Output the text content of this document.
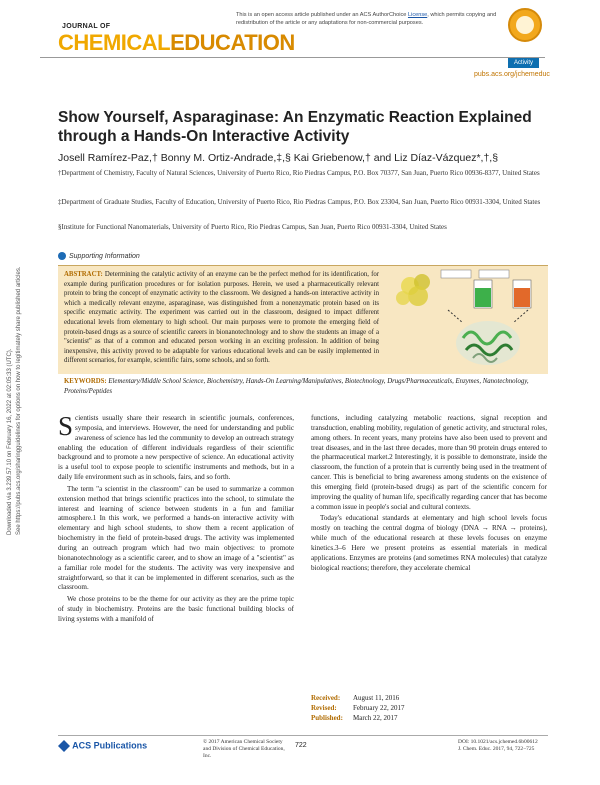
This is an open access article published under an ACS AuthorChoice License, which permits copying and redistribution of the article or any adaptations for non-commercial purposes.
JOURNAL OF
CHEMICALEDUCATION
Activity
pubs.acs.org/jchemeduc
Show Yourself, Asparaginase: An Enzymatic Reaction Explained through a Hands-On Interactive Activity
Josell Ramírez-Paz,† Bonny M. Ortiz-Andrade,‡,§ Kai Griebenow,† and Liz Díaz-Vázquez*,†,§
†Department of Chemistry, Faculty of Natural Sciences, University of Puerto Rico, Rio Piedras Campus, P.O. Box 70377, San Juan, Puerto Rico 00936-8377, United States
‡Department of Graduate Studies, Faculty of Education, University of Puerto Rico, Rio Piedras Campus, P.O. Box 23304, San Juan, Puerto Rico 00931-3304, United States
§Institute for Functional Nanomaterials, University of Puerto Rico, Rio Piedras Campus, San Juan, Puerto Rico 00931-3304, United States
Supporting Information
ABSTRACT: Determining the catalytic activity of an enzyme can be the perfect method for its identification, for example during purification procedures or for isolation purposes. Herein, we used a pharmaceutically relevant protein to bring the concept of enzymatic activity to the classroom. We designed a hands-on interactive activity in which a medically relevant enzyme, asparaginase, was distinguished from a nonenzymatic protein based on its specific enzymatic activity. The experiment was carried out in the classroom, designed to impact different educational levels from elementary to high school. Our main purposes were to promote the emerging field of protein-based drugs as a source of scientific careers in bionanotechnology and to show the students an image of a "scientist" as that of a common and educated person working in an exciting profession. In addition of being inexpensive, this activity proved to be adaptable for various educational levels and can be easily implemented in different scenarios, for example, scientific fairs, some schools, and so forth.
KEYWORDS: Elementary/Middle School Science, Biochemistry, Hands-On Learning/Manipulatives, Biotechnology, Drugs/Pharmaceuticals, Enzymes, Nanotechnology, Proteins/Peptides

Scientists usually share their research in scientific journals, conferences, symposia, and interviews. However, the need for understanding and public awareness of science has led the community to develop an outreach strategy enabling the education of different individuals regardless of their scientific background and to promote a new perspective of science. An educational activity is a useful tool to expose people to scientific instruments and methods, but in a daily life environment such as in schools, fairs, and so forth.

The term "a scientist in the classroom" can be used to summarize a common extension method that brings scientific practices into the school, to stimulate the interest and learning of science between students in a fun and familiar atmosphere.1 In this work, we performed a hands-on interactive activity with elementary and high school students, to show them a recent application of biochemistry in the field of protein-based drugs. The activity was implemented during an outreach program which had two main objectives: to promote bionanotechnology as a scientific career, and to show an image of a "scientist" as a familiar role model for the students. The activity was very inexpensive and straightforward, so that it can be implemented in different scenarios, such as the classroom.

We chose proteins to be the theme for our activity as they are the prime topic of study in biochemistry. Proteins are the basic functional building blocks of living systems with a manifold of

functions, including catalyzing metabolic reactions, signal reception and transduction, enabling mobility, regulation of genetic activity, and structural roles, among others. In recent years, many proteins have also been used to prevent and treat diseases, and in the last three decades, more than 90 protein drugs entered to the pharmaceutical market.2 Interestingly, it is possible to demonstrate, inside the classroom, the function of a protein that is currently being used in the treatment of cancer. This is beneficial to bring awareness among students on the existence of this emerging field (protein-based drugs) as part of the scientific concern for improving the quality of human life, specifically regarding cancer that has become a common issue in people's social and cultural contexts.

Today's educational standards at elementary and high school levels focus mostly on teaching the central dogma of biology (DNA → RNA → proteins), while much of the educational research at these levels focuses on enzyme kinetics.3–6 Here we present proteins as essential materials in medical applications. Enzymes are proteins (and sometimes RNA molecules) that catalyze biological reactions; therefore, they accelerate chemical

Received: August 11, 2016
Revised: February 22, 2017
Published: March 22, 2017
ACS Publications	© 2017 American Chemical Society and Division of Chemical Education, Inc.
722	DOI: 10.1021/acs.jchemed.6b00612
J. Chem. Educ. 2017, 94, 722−725
Downloaded via 3.239.57.10 on February 16, 2022 at 02:05:33 (UTC). See https://pubs.acs.org/sharingguidelines for options on how to legitimately share published articles.
